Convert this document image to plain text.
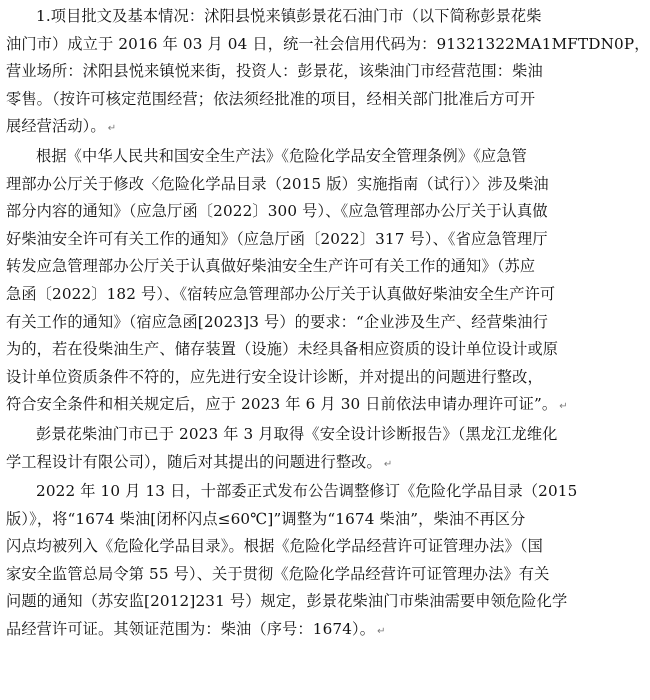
1.项目批文及基本情况：沭阳县悦来镇彭景花石油门市（以下简称彭景花柴
油门市）成立于 2016 年 03 月 04 日，统一社会信用代码为：91321322MA1MFTDN0P，
营业场所：沭阳县悦来镇悦来街，投资人：彭景花，该柴油门市经营范围：柴油
零售。（按许可核定范围经营；依法须经批准的项目，经相关部门批准后方可开
展经营活动）。 ↵

根据《中华人民共和国安全生产法》《危险化学品安全管理条例》《应急管
理部办公厅关于修改〈危险化学品目录（2015 版）实施指南（试行）〉涉及柴油
部分内容的通知》（应急厅函〔2022〕300 号）、《应急管理部办公厅关于认真做
好柴油安全许可有关工作的通知》（应急厅函〔2022〕317 号）、《省应急管理厅
转发应急管理部办公厅关于认真做好柴油安全生产许可有关工作的通知》（苏应
急函〔2022〕182 号）、《宿转应急管理部办公厅关于认真做好柴油安全生产许可
有关工作的通知》（宿应急函[2023]3 号）的要求：“企业涉及生产、经营柴油行
为的，若在役柴油生产、储存装置（设施）未经具备相应资质的设计单位设计或原
设计单位资质条件不符的，应先进行安全设计诊断，并对提出的问题进行整改，
符合安全条件和相关规定后，应于 2023 年 6 月 30 日前依法申请办理许可证”。 ↵

彭景花柴油门市已于 2023 年 3 月取得《安全设计诊断报告》（黑龙江龙维化
学工程设计有限公司），随后对其提出的问题进行整改。 ↵

2022 年 10 月 13 日，十部委正式发布公告调整修订《危险化学品目录（2015
版）》，将“1674 柴油[闭杯闪点≤60℃]”调整为“1674 柴油”，柴油不再区分
闪点均被列入《危险化学品目录》。根据《危险化学品经营许可证管理办法》（国
家安全监管总局令第 55 号）、关于贯彻《危险化学品经营许可证管理办法》有关
问题的通知（苏安监[2012]231 号）规定，彭景花柴油门市柴油需要申领危险化学
品经营许可证。其领证范围为：柴油（序号：1674）。 ↵
